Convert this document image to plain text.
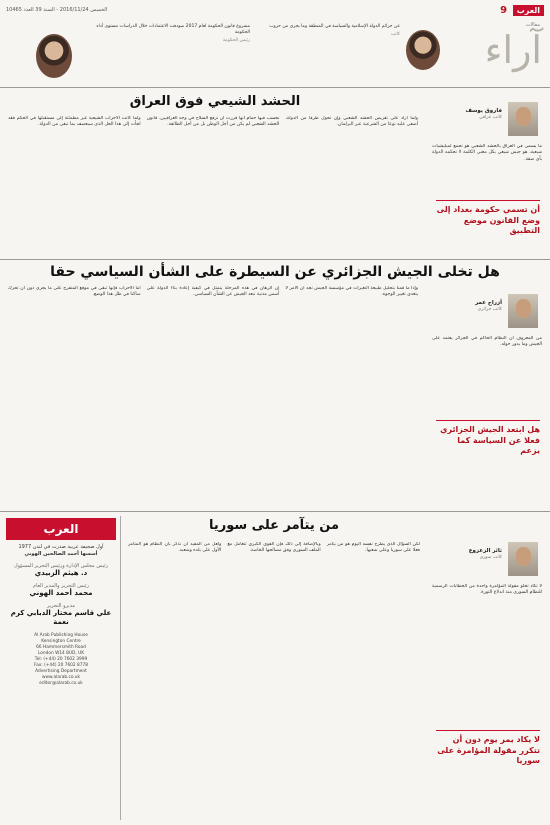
العرب 9
الخميس 2016/11/24 - السنة 39 العدد 10465
مقالات
آراء
عن جرائم الدولة الإسلامية والسياسة في المنطقة وما يجري من حروب
كاتب
مشروع قانون الحكومة لعام 2017 صودقت الاعتمادات خلال الدراسات مستوى أداء الحكومة
رئيس الحكومة
الحشد الشيعي فوق العراق
فاروق يوسف
كاتب عراقي
أن تسمي حكومة بغداد إلى وضع القانون موضع التطبيق
ما يسمى في العراق بالحشد الشعبي هو تجمع لميليشيات شيعية، هو جيش شيعي بكل معنى الكلمة لا تحكمه الدولة بأي صفة.
ولما أراد على تقريس الحشد الشعبي وإن تحول طرفا من الدولة، أضفى عليه نوعا من الشرعية عبر البرلمان.
بحسب فيها حمام أنها قررت أن ترفع السلاح في وجه العراقيين. قانون الحشد الشعبي لم يكن من أجل الوطن بل من أجل الطائفة.
ولما كانت الأحزاب الشيعية غير مطمئنة إلى مستقبلها في الحكم فقد لجأت إلى هذا الحل الذي سيعصف بما تبقى من الدولة.
هل تخلى الجيش الجزائري عن السيطرة على الشأن السياسي حقا
أزراج عمر
كاتب جزائري
هل ابتعد الجيش الجزائري فعلا عن السياسة كما يزعم
من المعروف أن النظام الحاكم في الجزائر يعتمد على الجيش وما يدور حوله.
وإذا ما قمنا بتحليل طبيعة التغيرات في مؤسسة الجيش نجد أن الأمر لا يتعدى تغيير الوجوه.
إن الرهان في هذه المرحلة يتمثل في كيفية إعادة بناء الدولة على أسس مدنية تبعد الجيش عن الشأن السياسي.
أما الأحزاب فإنها تبقى في موقع المتفرج على ما يجري دون أن تحرك ساكنا في ظل هذا الوضع.
العرب
أول صحيفة عربية صدرت في لندن 1977
أسسها أحمد الصالحين الهوني
رئيس مجلس الإدارة ورئيس التحرير المسؤول
د. هيثم الزبيدي
رئيس التحرير والمدير العام
محمد أحمد الهوني
مديرو التحرير
علي قاسم مختار الدبابي كرم نعمة
Al Arab Publishing House
Kensington Centre
66 Hammersmith Road
London W14 8UD, UK
Tel: (+44) 20 7602 3999
Fax: (+44) 20 7602 8778
Advertising Department
www.alarab.co.uk
editor@alarab.co.uk
من يتآمر على سوريا
ثائر الزعزوع
كاتب سوري
لا يكاد يمر يوم دون أن تتكرر مقولة المؤامرة على سوريا
لا تكاد تخلو مقولة المؤامرة واحدة من الخطابات الرسمية للنظام السوري منذ اندلاع الثورة.
لكن السؤال الذي يطرح نفسه اليوم هو من يتآمر فعلا على سوريا وعلى شعبها.
وبالإضافة إلى ذلك فإن القوى الكبرى تتعامل مع الملف السوري وفق مصالحها الخاصة.
ولعل من المفيد أن نذكر بأن النظام هو المتآمر الأول على بلده وشعبه.
